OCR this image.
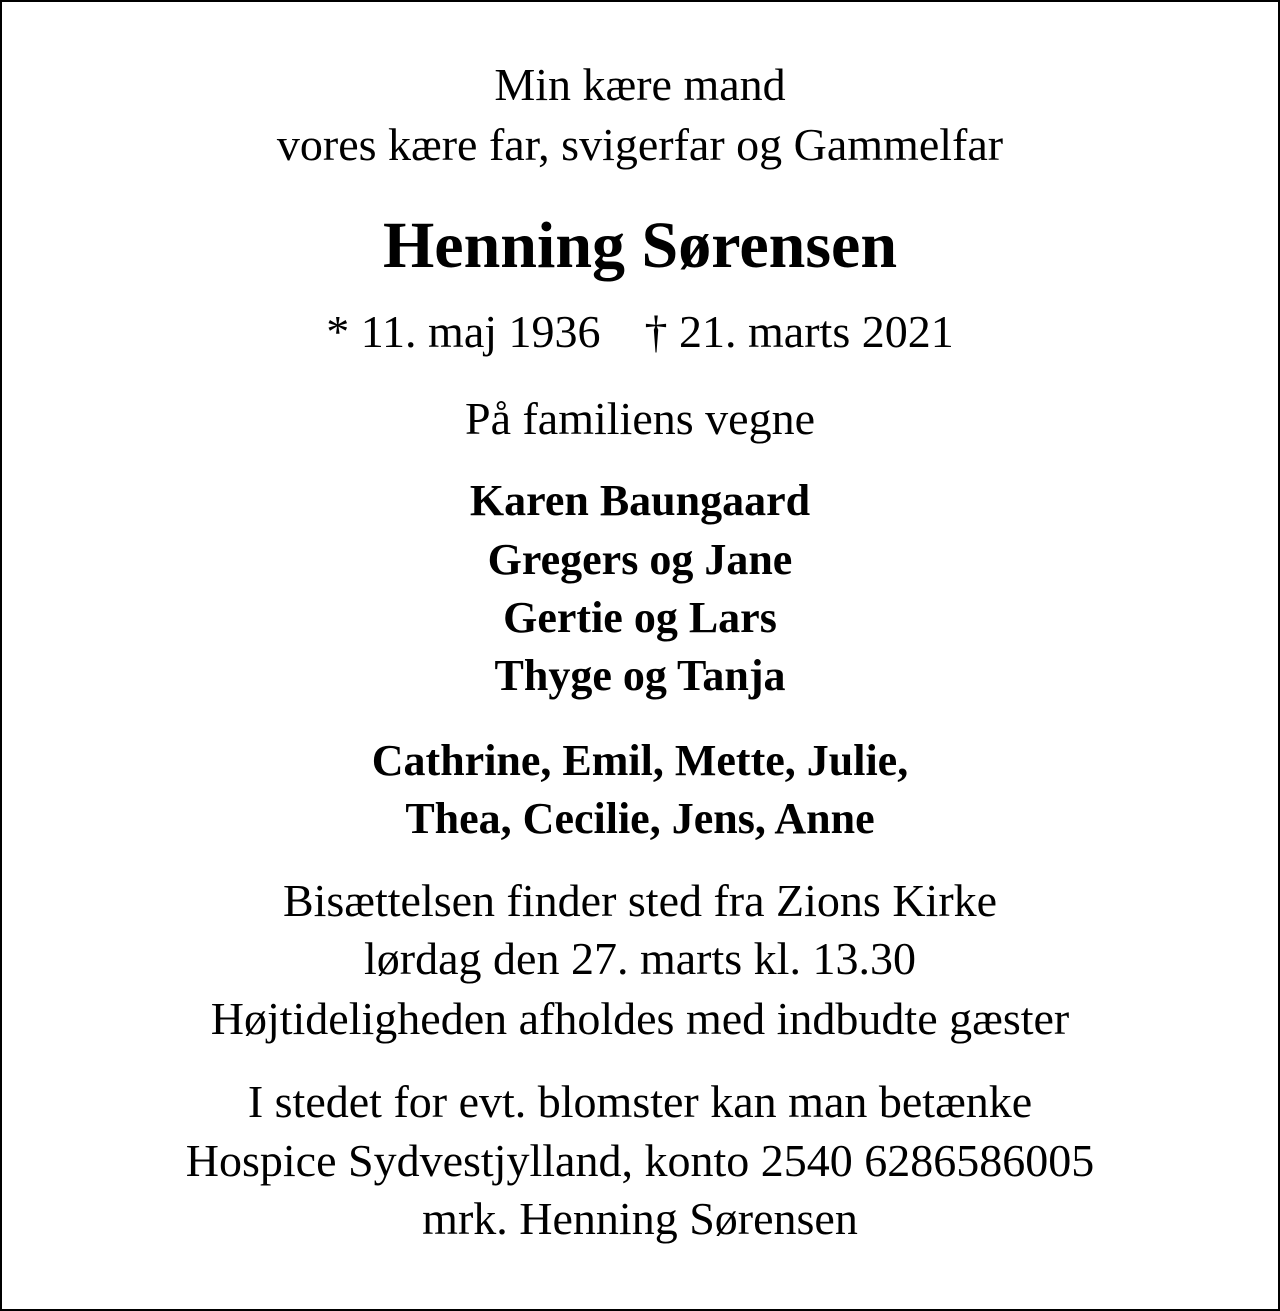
Min kære mand
vores kære far, svigerfar og Gammelfar
Henning Sørensen
* 11. maj 1936 † 21. marts 2021
På familiens vegne
Karen Baungaard
Gregers og Jane
Gertie og Lars
Thyge og Tanja
Cathrine, Emil, Mette, Julie,
Thea, Cecilie, Jens, Anne
Bisættelsen finder sted fra Zions Kirke
lørdag den 27. marts kl. 13.30
Højtideligheden afholdes med indbudte gæster
I stedet for evt. blomster kan man betænke
Hospice Sydvestjylland, konto 2540 6286586005
mrk. Henning Sørensen
